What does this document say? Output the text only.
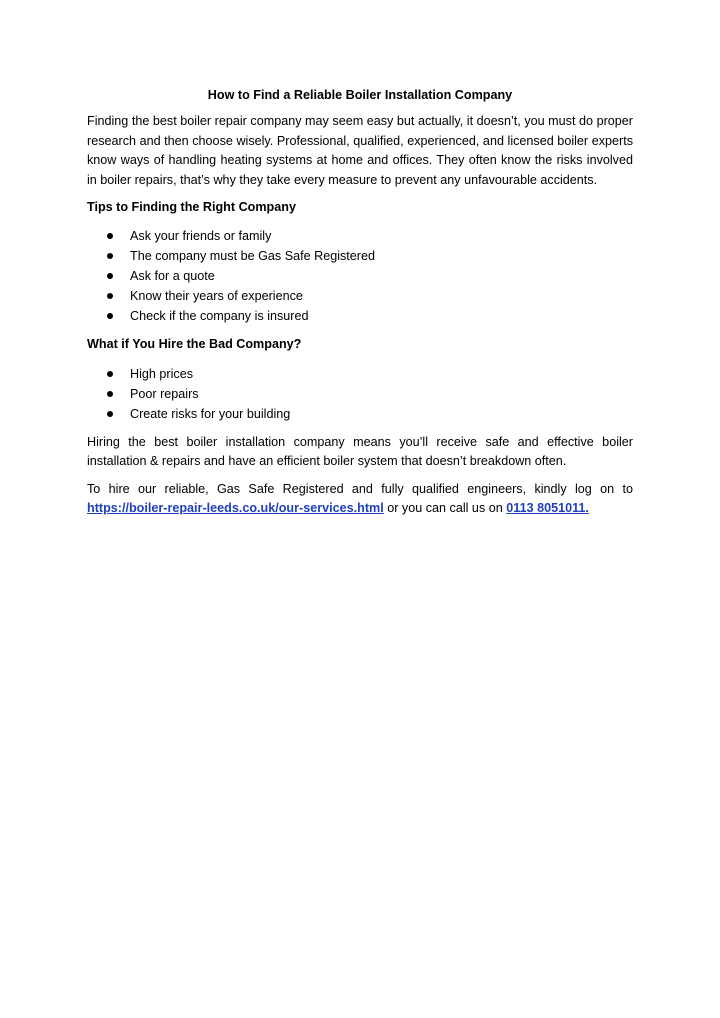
How to Find a Reliable Boiler Installation Company

Finding the best boiler repair company may seem easy but actually, it doesn’t, you must do proper research and then choose wisely. Professional, qualified, experienced, and licensed boiler experts know ways of handling heating systems at home and offices. They often know the risks involved in boiler repairs, that’s why they take every measure to prevent any unfavourable accidents.

Tips to Finding the Right Company
Ask your friends or family
The company must be Gas Safe Registered
Ask for a quote
Know their years of experience
Check if the company is insured
What if You Hire the Bad Company?
High prices
Poor repairs
Create risks for your building

Hiring the best boiler installation company means you’ll receive safe and effective boiler installation & repairs and have an efficient boiler system that doesn’t breakdown often.

To hire our reliable, Gas Safe Registered and fully qualified engineers, kindly log on to https://boiler-repair-leeds.co.uk/our-services.html or you can call us on 0113 8051011.
